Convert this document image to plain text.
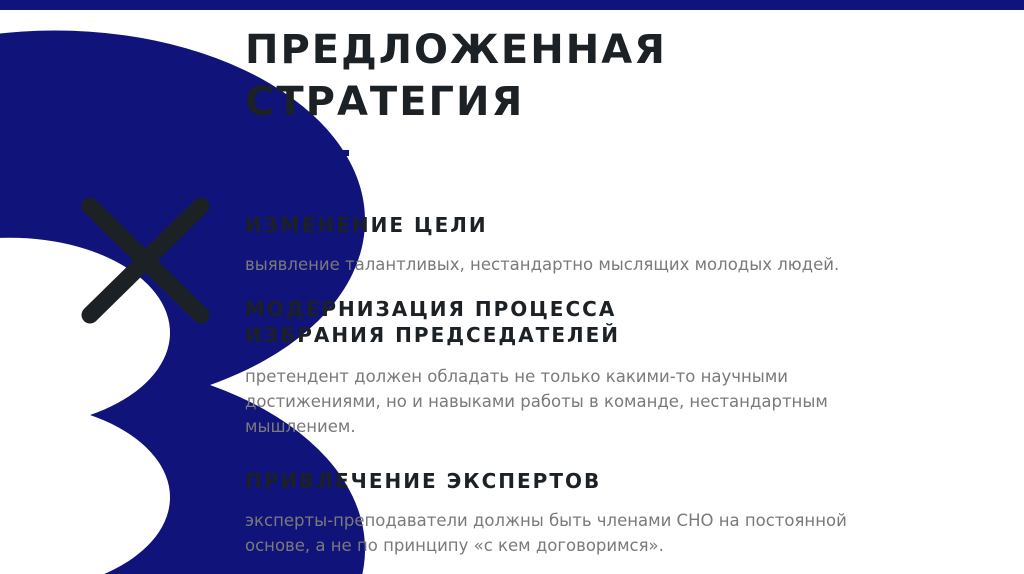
ПРЕДЛОЖЕННАЯ
СТРАТЕГИЯ
ИЗМЕНЕНИЕ ЦЕЛИ

выявление талантливых, нестандартно мыслящих молодых людей.

МОДЕРНИЗАЦИЯ ПРОЦЕССА
ИЗБРАНИЯ ПРЕДСЕДАТЕЛЕЙ

претендент должен обладать не только какими-то научными
достижениями, но и навыками работы в команде, нестандартным
мышлением.

ПРИВЛЕЧЕНИЕ ЭКСПЕРТОВ

эксперты-преподаватели должны быть членами СНО на постоянной
основе, а не по принципу «с кем договоримся».
